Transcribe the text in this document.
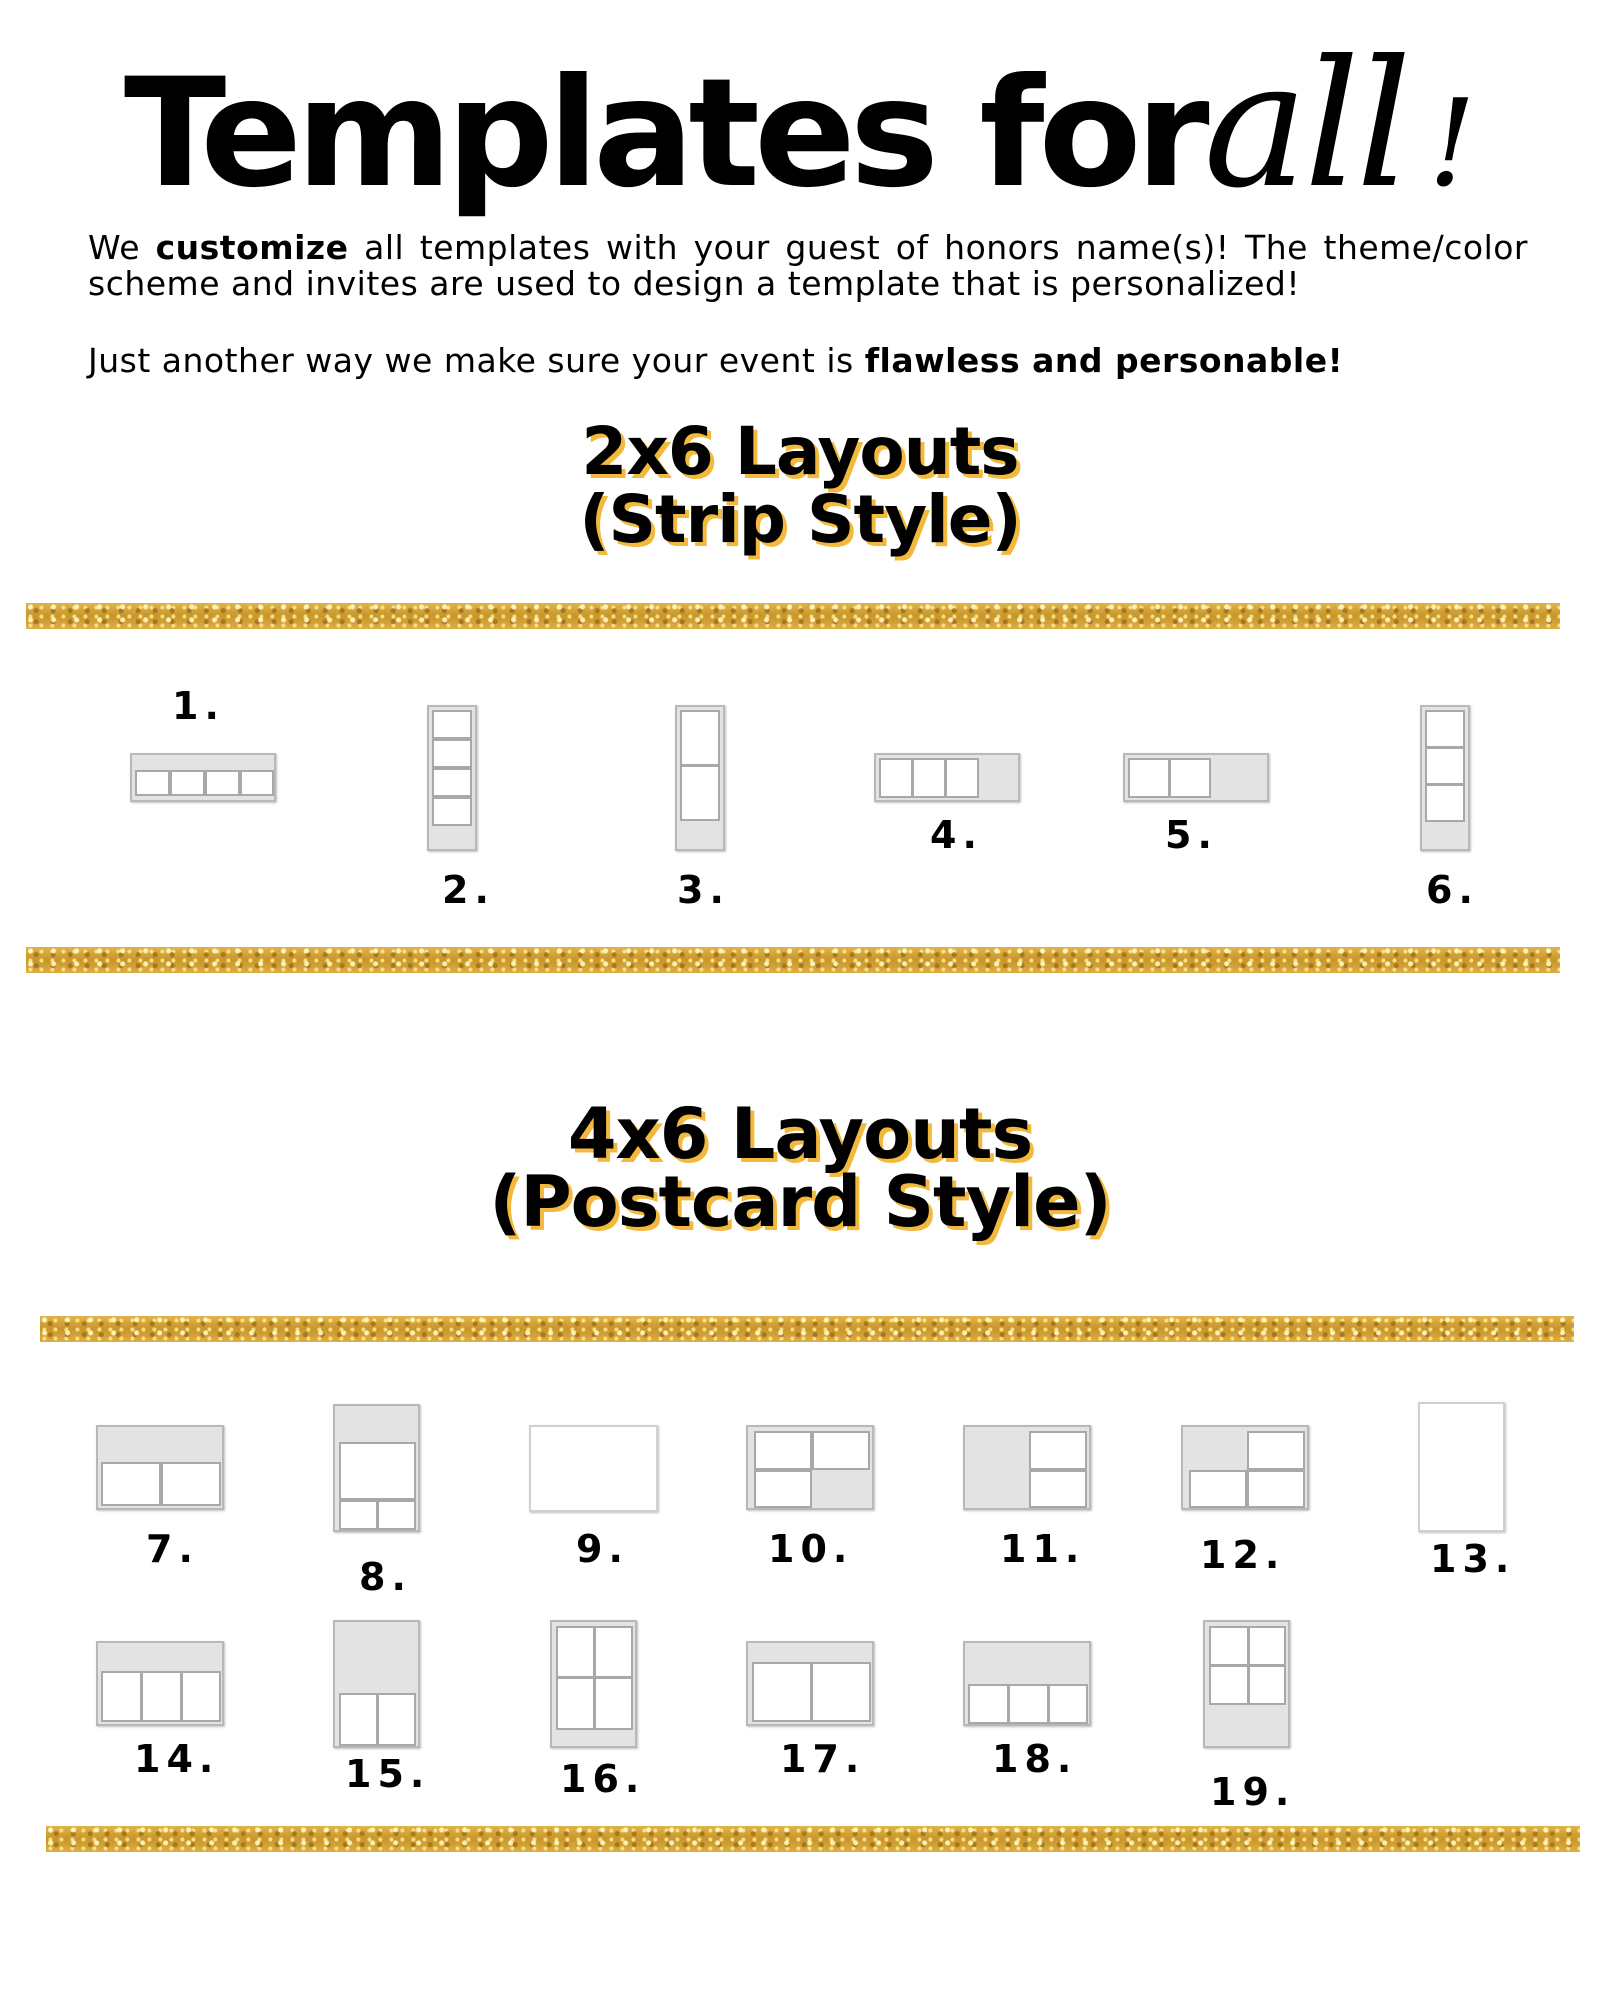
Templates forall !
We customize all templates with your guest of honors name(s)! The theme/color scheme and invites are used to design a template that is personalized!
Just another way we make sure your event is flawless and personable!
2x6 Layouts
(Strip Style)
1.
2.	3.
4.	5.
6.
4x6 Layouts
(Postcard Style)
7.
8.
9.	10.	11.	12.	13.
14.	15.	16.	17.	18.
19.
